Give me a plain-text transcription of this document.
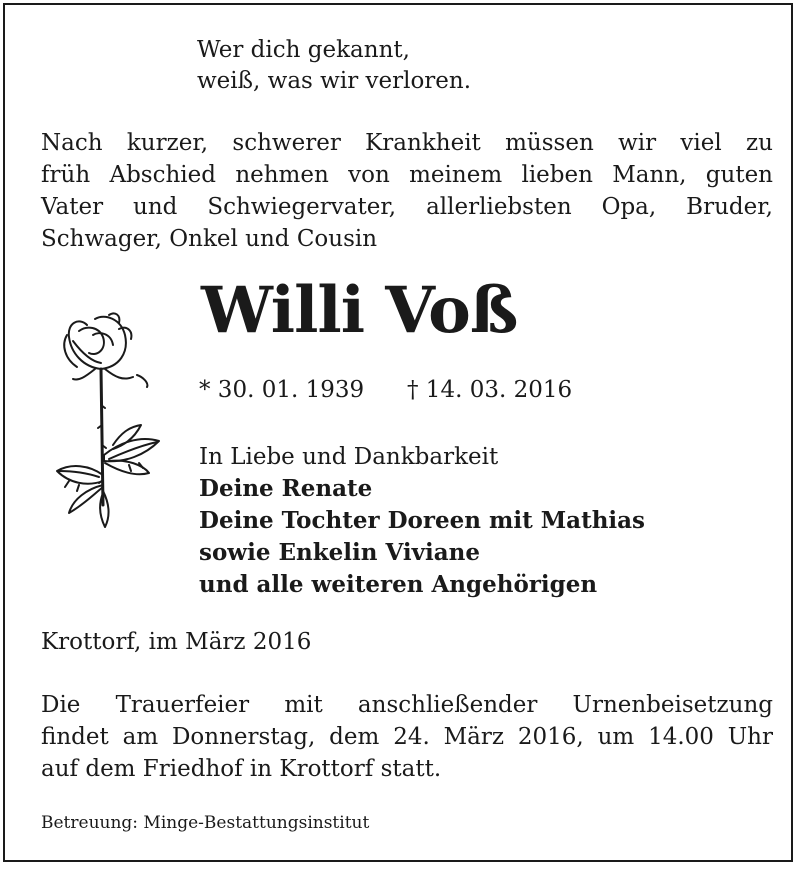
Wer dich gekannt,

weiß, was wir verloren.

Nach kurzer, schwerer Krankheit müssen wir viel zu
früh Abschied nehmen von meinem lieben Mann, guten
Vater und Schwiegervater, allerliebsten Opa, Bruder,
Schwager, Onkel und Cousin
Willi Voß

* 30. 01. 1939 † 14. 03. 2016

In Liebe und Dankbarkeit
Deine Renate
Deine Tochter Doreen mit Mathias
sowie Enkelin Viviane
und alle weiteren Angehörigen

Krottorf, im März 2016

Die Trauerfeier mit anschließender Urnenbeisetzung
findet am Donnerstag, dem 24. März 2016, um 14.00 Uhr
auf dem Friedhof in Krottorf statt.

Betreuung: Minge-Bestattungsinstitut
